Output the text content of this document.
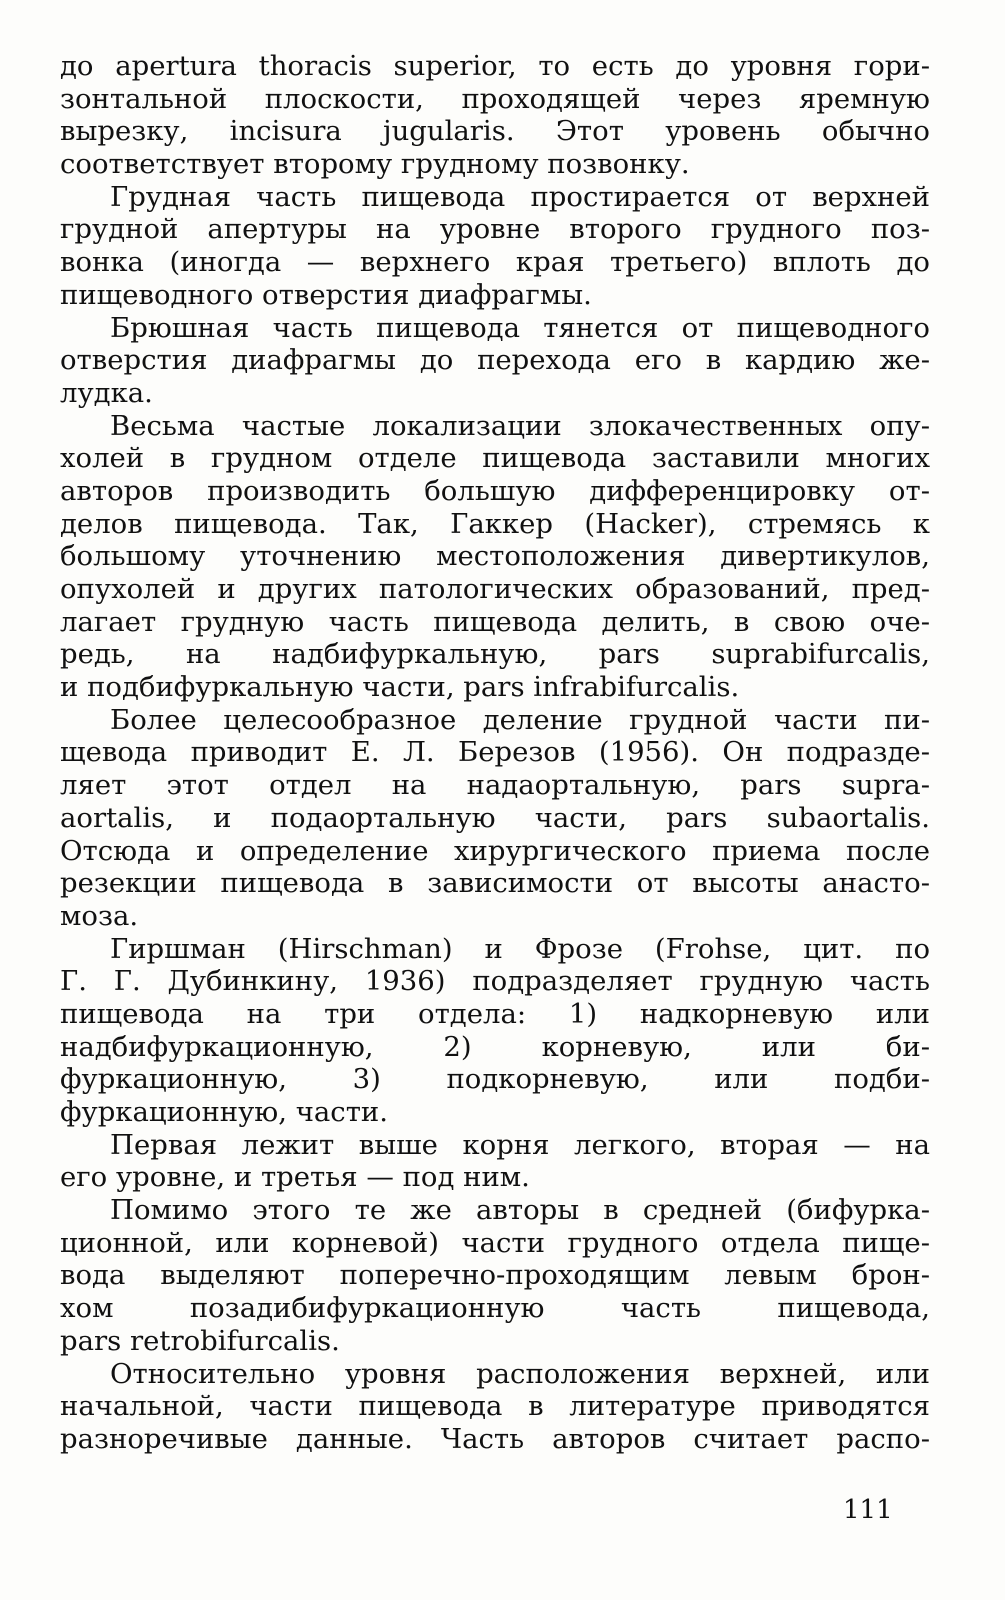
до apertura thoracis superior, то есть до уровня гори-
зонтальной плоскости, проходящей через яремную
вырезку, incisura jugularis. Этот уровень обычно
соответствует второму грудному позвонку.
Грудная часть пищевода простирается от верхней
грудной апертуры на уровне второго грудного поз-
вонка (иногда — верхнего края третьего) вплоть до
пищеводного отверстия диафрагмы.
Брюшная часть пищевода тянется от пищеводного
отверстия диафрагмы до перехода его в кардию же-
лудка.
Весьма частые локализации злокачественных опу-
холей в грудном отделе пищевода заставили многих
авторов производить большую дифференцировку от-
делов пищевода. Так, Гаккер (Hacker), стремясь к
большому уточнению местоположения дивертикулов,
опухолей и других патологических образований, пред-
лагает грудную часть пищевода делить, в свою оче-
редь, на надбифуркальную, pars suprabifurcalis,
и подбифуркальную части, pars infrabifurcalis.
Более целесообразное деление грудной части пи-
щевода приводит Е. Л. Березов (1956). Он подразде-
ляет этот отдел на надаортальную, pars supra-
aortalis, и подаортальную части, pars subaortalis.
Отсюда и определение хирургического приема после
резекции пищевода в зависимости от высоты анасто-
моза.
Гиршман (Hirschman) и Фрозе (Frohse, цит. по
Г. Г. Дубинкину, 1936) подразделяет грудную часть
пищевода на три отдела: 1) надкорневую или
надбифуркационную, 2) корневую, или би-
фуркационную, 3) подкорневую, или подби-
фуркационную, части.
Первая лежит выше корня легкого, вторая — на
его уровне, и третья — под ним.
Помимо этого те же авторы в средней (бифурка-
ционной, или корневой) части грудного отдела пище-
вода выделяют поперечно-проходящим левым брон-
хом позадибифуркационную часть пищевода,
pars retrobifurcalis.
Относительно уровня расположения верхней, или
начальной, части пищевода в литературе приводятся
разноречивые данные. Часть авторов считает распо-
111
